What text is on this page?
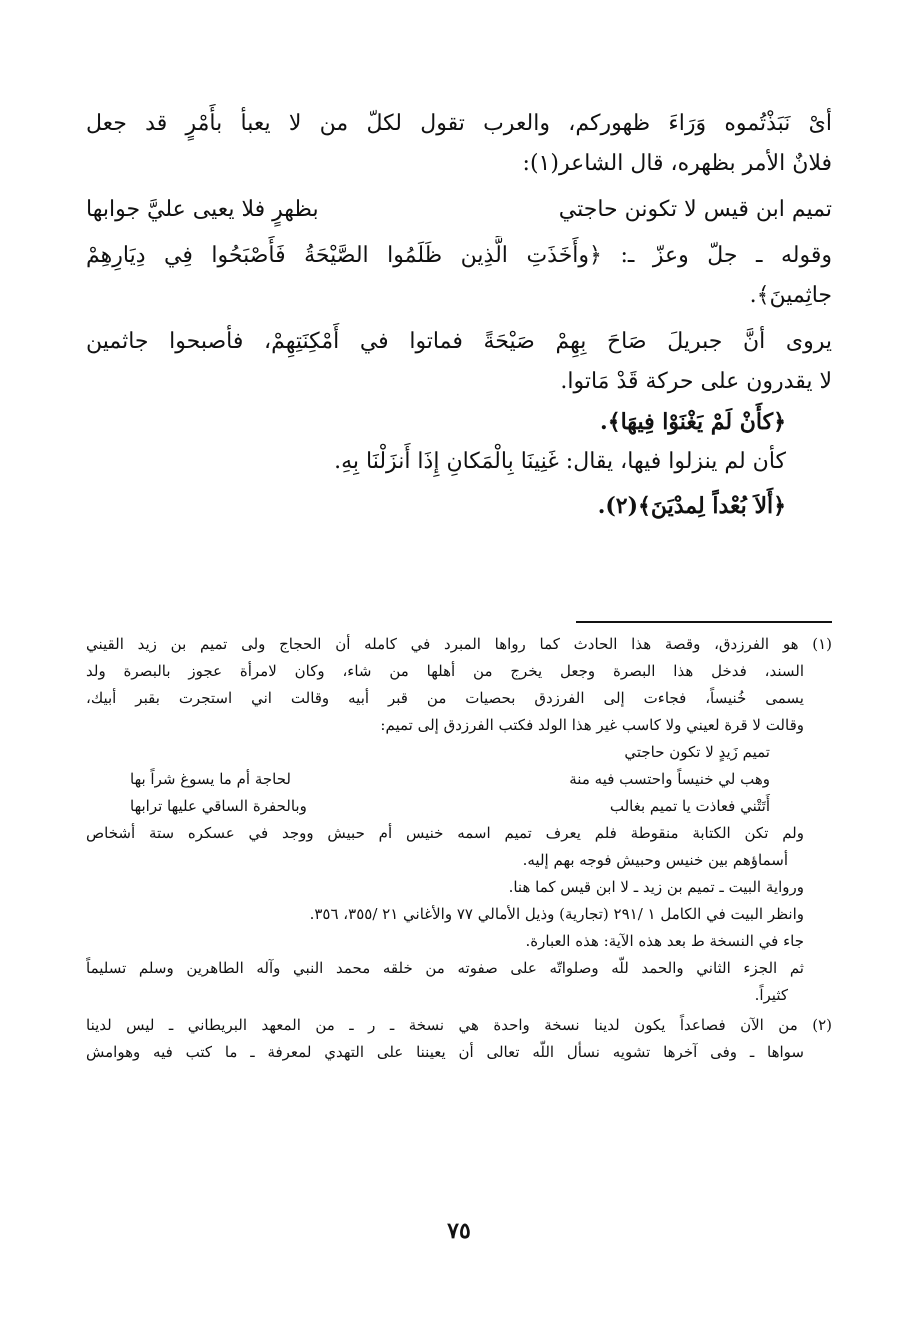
أىْ نَبَذْتُموه وَرَاءَ ظهوركم، والعرب تقول لكلّ من لا يعبأ بأَمْرٍ قد جعل
فلانٌ الأمر بظهره، قال الشاعر(١):
تميم ابن قيس لا تكونن حاجتي
بظهرٍ فلا يعيى عليَّ جوابها
وقوله ـ جلّ وعزّ ـ: ﴿وأَخَذَتِ الَّذِين ظَلَمُوا الصَّيْحَةُ فَأَصْبَحُوا فِي دِيَارِهِمْ
جاثِمينَ﴾.
يروى أنَّ جبريلَ صَاحَ بِهِمْ صَيْحَةً فماتوا في أَمْكِنَتِهِمْ، فأصبحوا جاثمين
لا يقدرون على حركة قَدْ مَاتوا.
﴿كأَنْ لَمْ يَغْنَوْا فِيهَا﴾.
كأن لم ينزلوا فيها، يقال: غَنِينَا بِالْمَكانِ إِذَا أَنزَلْنَا بِهِ.
﴿أَلاَ بُعْداً لِمدْيَنَ﴾(٢).
(١) هو الفرزدق، وقصة هذا الحادث كما رواها المبرد في كامله أن الحجاج ولى تميم بن زيد القيني
السند، فدخل هذا البصرة وجعل يخرج من أهلها من شاء، وكان لامرأة عجوز بالبصرة ولد
يسمى خُنيساً، فجاءت إلى الفرزدق بحصيات من قبر أبيه وقالت اني استجرت بقبر أبيك،
وقالت لا قرة لعيني ولا كاسب غير هذا الولد فكتب الفرزدق إلى تميم:
تميم زَيدٍ لا تكون حاجتي
وهب لي خنيساً واحتسب فيه منة
لحاجة أم ما يسوغ شراً بها
أَتَتْني فعاذت يا تميم بغالب
وبالحفرة الساقي عليها ترابها
ولم تكن الكتابة منقوطة فلم يعرف تميم اسمه خنيس أم حبيش ووجد في عسكره ستة أشخاص
أسماؤهم بين خنيس وحبيش فوجه بهم إليه.
ورواية البيت ـ تميم بن زيد ـ لا ابن قيس كما هنا.
وانظر البيت في الكامل ١ /٢٩١ (تجارية) وذيل الأمالي ٧٧ والأغاني ٢١ /٣٥٥، ٣٥٦.
جاء في النسخة ط بعد هذه الآية: هذه العبارة.
ثم الجزء الثاني والحمد للّه وصلواتّه على صفوته من خلقه محمد النبي وآله الطاهرين وسلم تسليماً
كثيراً.
(٢) من الآن فصاعداً يكون لدينا نسخة واحدة هي نسخة ـ ر ـ من المعهد البريطاني ـ ليس لدينا
سواها ـ وفى آخرها تشويه نسأل اللّه تعالى أن يعيننا على التهدي لمعرفة ـ ما كتب فيه وهوامش
٧٥
